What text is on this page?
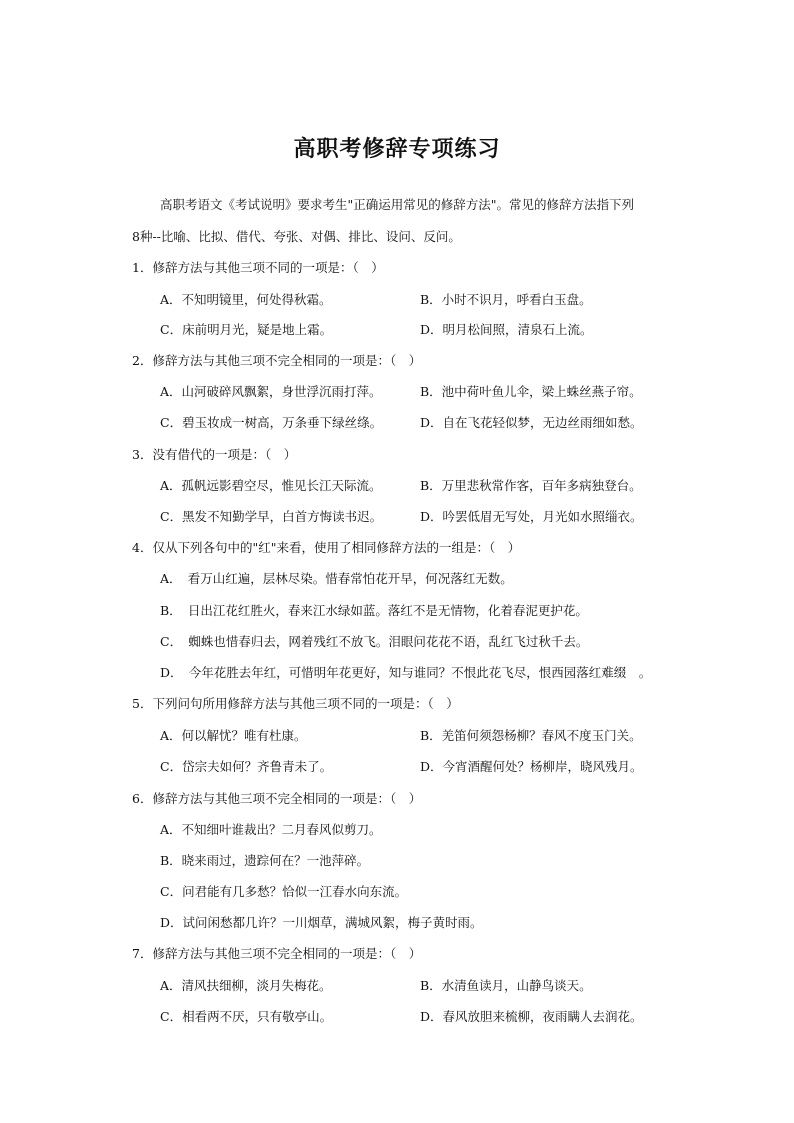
高职考修辞专项练习
高职考语文《考试说明》要求考生"正确运用常见的修辞方法"。常见的修辞方法指下列
8种--比喻、比拟、借代、夸张、对偶、排比、设问、反问。
1．修辞方法与其他三项不同的一项是：（　）
A．不知明镜里，何处得秋霜。	B．小时不识月，呼看白玉盘。
C．床前明月光，疑是地上霜。	D．明月松间照，清泉石上流。
2．修辞方法与其他三项不完全相同的一项是：（　）
A．山河破碎风飘絮，身世浮沉雨打萍。	B．池中荷叶鱼儿伞，梁上蛛丝燕子帘。
C．碧玉妆成一树高，万条垂下绿丝绦。	D．自在飞花轻似梦，无边丝雨细如愁。
3．没有借代的一项是：（　）
A．孤帆远影碧空尽，惟见长江天际流。	B．万里悲秋常作客，百年多病独登台。
C．黑发不知勤学早，白首方悔读书迟。	D．吟罢低眉无写处，月光如水照缁衣。
4．仅从下列各句中的"红"来看，使用了相同修辞方法的一组是：（　）
A．　看万山红遍，层林尽染。惜春常怕花开早，何况落红无数。
B．　日出江花红胜火，春来江水绿如蓝。落红不是无情物，化着春泥更护花。
C．　蜘蛛也惜春归去，网着残红不放飞。泪眼问花花不语，乱红飞过秋千去。
D．　今年花胜去年红，可惜明年花更好，知与谁同？不恨此花飞尽，恨西园落红难缀　。
5．下列问句所用修辞方法与其他三项不同的一项是：（　）
A．何以解忧？唯有杜康。	B．羌笛何须怨杨柳？春风不度玉门关。
C．岱宗夫如何？齐鲁青未了。	D．今宵酒醒何处？杨柳岸，晓风残月。
6．修辞方法与其他三项不完全相同的一项是：（　）
A．不知细叶谁裁出？二月春风似剪刀。
B．晓来雨过，遗踪何在？一池萍碎。
C．问君能有几多愁？恰似一江春水向东流。
D．试问闲愁都几许？一川烟草，满城风絮，梅子黄时雨。
7．修辞方法与其他三项不完全相同的一项是：（　）
A．清风扶细柳，淡月失梅花。	B．水清鱼读月，山静鸟谈天。
C．相看两不厌，只有敬亭山。	D．春风放胆来梳柳，夜雨瞒人去润花。
